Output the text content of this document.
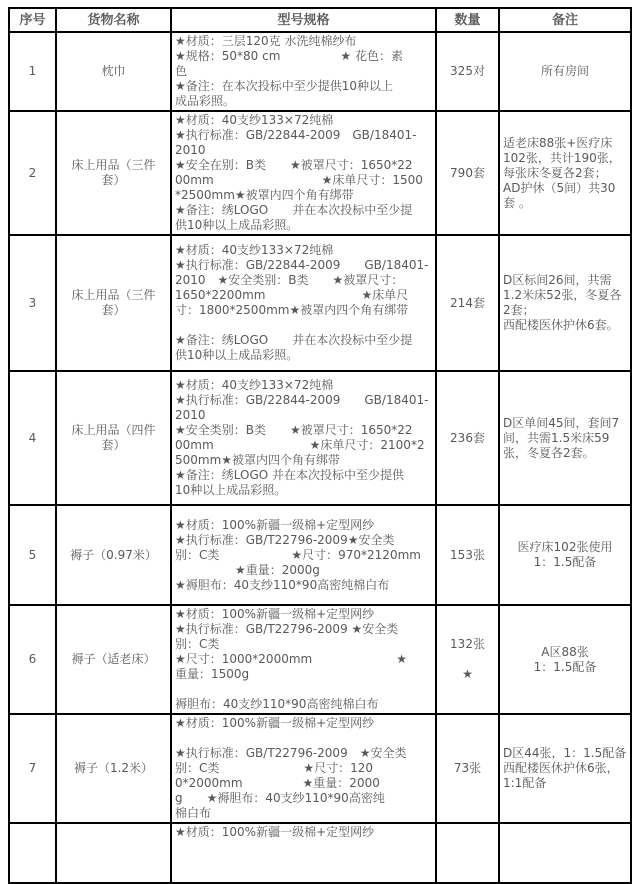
序号	货物名称	型号规格	数量	备注
1	枕巾	★材质：三层120克 水洗纯棉纱布
★规格：50*80 cm　　　　　★ 花色：素
色
★备注：在本次投标中至少提供10种以上
成品彩照。	325对	所有房间
2	床上用品（三件
套）	★材质：40支纱133×72纯棉
★执行标准：GB/22844-2009　GB/18401-
2010
★安全在别：B类　　★被罩尺寸：1650*22
00mm　　　　　　　　　★床单尺寸：1500
*2500mm★被罩内四个角有绑带
★备注：绣LOGO　　并在本次投标中至少提
供10种以上成品彩照。	790套	适老床88张+医疗床102张，共计190张，每张床冬夏各2套；
AD护休（5间）共30套 。
3	床上用品（三件
套）	★材质：40支纱133×72纯棉
★执行标准：GB/22844-2009　　GB/18401-
2010　★安全类别：B类　　★被罩尺寸：
1650*2200mm　　　　　　　　★床单尺
寸：1800*2500mm★被罩内四个角有绑带

★备注：绣LOGO　　并在本次投标中至少提
供10种以上成品彩照。	214套	D区标间26间，共需1.2米床52张，冬夏各2套；
西配楼医休护休6套。
4	床上用品（四件
套）	★材质：40支纱133×72纯棉
★执行标准：GB/22844-2009　　GB/18401-
2010
★安全类别：B类　　★被罩尺寸：1650*22
00mm　　　　　　　　★床单尺寸：2100*2
500mm★被罩内四个角有绑带
★备注：绣LOGO 并在本次投标中至少提供
10种以上成品彩照。	236套	D区单间45间，套间7间，共需1.5米床59张，冬夏各2套。
5	褥子（0.97米）	★材质：100%新疆一级棉+定型网纱
★执行标准：GB/T22796-2009★安全类
别：C类　　　　　　★尺寸：970*2120mm
　　　　　★重量：2000g
★褥胆布：40支纱110*90高密纯棉白布	153张	医疗床102张使用
1：1.5配备
6	褥子（适老床）	★材质：100%新疆一级棉+定型网纱
★执行标准：GB/T22796-2009 ★安全类
别：C类
★尺寸：1000*2000mm　　　　　　　★
重量：1500g

褥胆布：40支纱110*90高密纯棉白布	132张

★	A区88张
1：1.5配备
7	褥子（1.2米）	★材质：100%新疆一级棉+定型网纱

★执行标准：GB/T22796-2009　★安全类
别：C类　　　　　　　★尺寸：120
0*2000mm　　　　　★重量：2000
g　　★褥胆布：40支纱110*90高密纯
棉白布	73张	D区44张，1：1.5配备
西配楼医休护休6张，1:1配备
		★材质：100%新疆一级棉+定型网纱		
